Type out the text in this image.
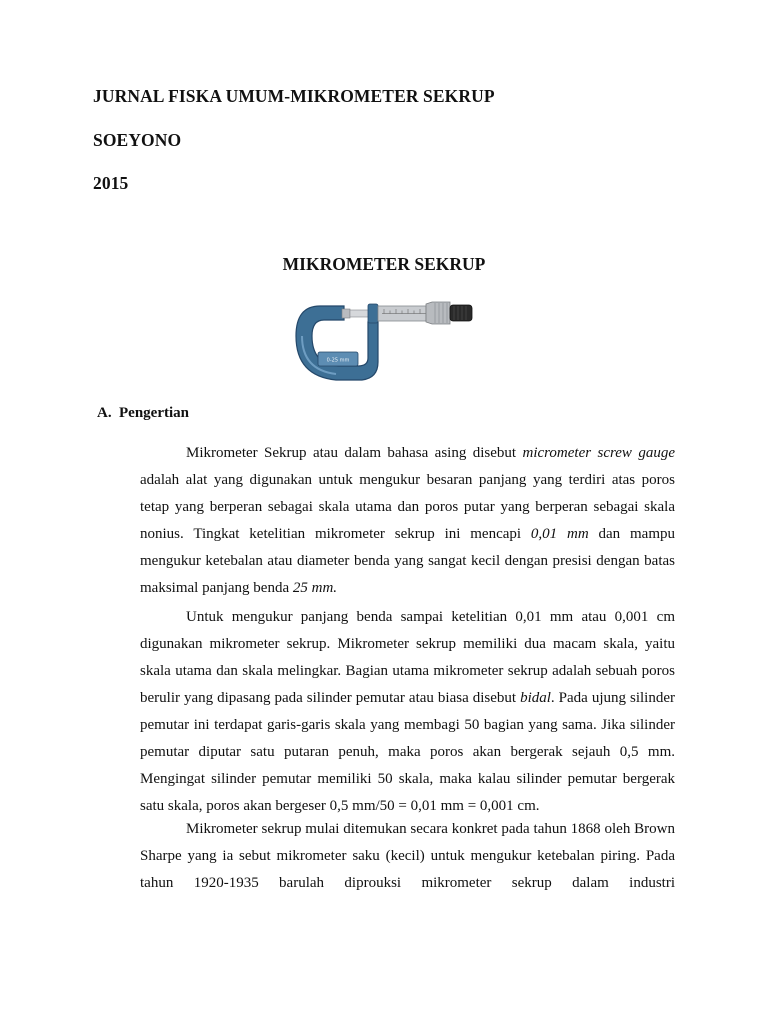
JURNAL FISKA UMUM-MIKROMETER SEKRUP
SOEYONO
2015
MIKROMETER SEKRUP
0-25 mm
A. Pengertian

Mikrometer Sekrup atau dalam bahasa asing disebut micrometer screw gauge adalah alat yang digunakan untuk mengukur besaran panjang yang terdiri atas poros tetap yang berperan sebagai skala utama dan poros putar yang berperan sebagai skala nonius. Tingkat ketelitian mikrometer sekrup ini mencapi 0,01 mm dan mampu mengukur ketebalan atau diameter benda yang sangat kecil dengan presisi dengan batas maksimal panjang benda 25 mm.

Untuk mengukur panjang benda sampai ketelitian 0,01 mm atau 0,001 cm digunakan mikrometer sekrup. Mikrometer sekrup memiliki dua macam skala, yaitu skala utama dan skala melingkar. Bagian utama mikrometer sekrup adalah sebuah poros berulir yang dipasang pada silinder pemutar atau biasa disebut bidal. Pada ujung silinder pemutar ini terdapat garis-garis skala yang membagi 50 bagian yang sama. Jika silinder pemutar diputar satu putaran penuh, maka poros akan bergerak sejauh 0,5 mm. Mengingat silinder pemutar memiliki 50 skala, maka kalau silinder pemutar bergerak satu skala, poros akan bergeser 0,5 mm/50 = 0,01 mm = 0,001 cm.

Mikrometer sekrup mulai ditemukan secara konkret pada tahun 1868 oleh Brown Sharpe yang ia sebut mikrometer saku (kecil) untuk mengukur ketebalan piring. Pada tahun 1920-1935 barulah diprouksi mikrometer sekrup dalam industri
